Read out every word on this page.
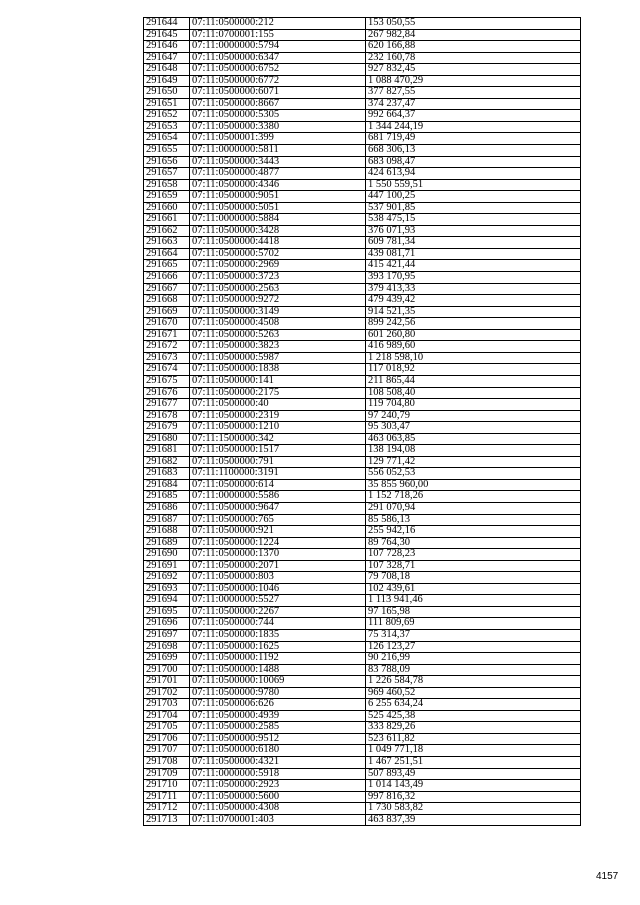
291644	07:11:0500000:212	153 050,55
291645	07:11:0700001:155	267 982,84
291646	07:11:0000000:5794	620 166,88
291647	07:11:0500000:6347	232 160,78
291648	07:11:0500000:6752	927 832,45
291649	07:11:0500000:6772	1 088 470,29
291650	07:11:0500000:6071	377 827,55
291651	07:11:0500000:8667	374 237,47
291652	07:11:0500000:5305	992 664,37
291653	07:11:0500000:3380	1 344 244,19
291654	07:11:0500001:399	681 719,49
291655	07:11:0000000:5811	668 306,13
291656	07:11:0500000:3443	683 098,47
291657	07:11:0500000:4877	424 613,94
291658	07:11:0500000:4346	1 550 559,51
291659	07:11:0500000:9051	447 100,25
291660	07:11:0500000:5051	537 901,85
291661	07:11:0000000:5884	538 475,15
291662	07:11:0500000:3428	376 071,93
291663	07:11:0500000:4418	609 781,34
291664	07:11:0500000:5702	439 081,71
291665	07:11:0500000:2969	415 421,44
291666	07:11:0500000:3723	393 170,95
291667	07:11:0500000:2563	379 413,33
291668	07:11:0500000:9272	479 439,42
291669	07:11:0500000:3149	914 521,35
291670	07:11:0500000:4508	899 242,56
291671	07:11:0500000:5263	601 260,80
291672	07:11:0500000:3823	416 989,60
291673	07:11:0500000:5987	1 218 598,10
291674	07:11:0500000:1838	117 018,92
291675	07:11:0500000:141	211 865,44
291676	07:11:0500000:2175	108 508,40
291677	07:11:0500000:40	119 704,80
291678	07:11:0500000:2319	97 240,79
291679	07:11:0500000:1210	95 303,47
291680	07:11:1500000:342	463 063,85
291681	07:11:0500000:1517	138 194,08
291682	07:11:0500000:791	129 771,42
291683	07:11:1100000:3191	556 052,53
291684	07:11:0500000:614	35 855 960,00
291685	07:11:0000000:5586	1 152 718,26
291686	07:11:0500000:9647	291 070,94
291687	07:11:0500000:765	85 586,13
291688	07:11:0500000:921	255 942,16
291689	07:11:0500000:1224	89 764,30
291690	07:11:0500000:1370	107 728,23
291691	07:11:0500000:2071	107 328,71
291692	07:11:0500000:803	79 708,18
291693	07:11:0500000:1046	102 439,61
291694	07:11:0000000:5527	1 113 941,46
291695	07:11:0500000:2267	97 165,98
291696	07:11:0500000:744	111 809,69
291697	07:11:0500000:1835	75 314,37
291698	07:11:0500000:1625	126 123,27
291699	07:11:0500000:1192	90 216,99
291700	07:11:0500000:1488	83 788,09
291701	07:11:0500000:10069	1 226 584,78
291702	07:11:0500000:9780	969 460,52
291703	07:11:0500006:626	6 255 634,24
291704	07:11:0500000:4939	525 425,38
291705	07:11:0500000:2585	333 829,26
291706	07:11:0500000:9512	523 611,82
291707	07:11:0500000:6180	1 049 771,18
291708	07:11:0500000:4321	1 467 251,51
291709	07:11:0000000:5918	507 893,49
291710	07:11:0500000:2923	1 014 143,49
291711	07:11:0500000:5600	997 816,32
291712	07:11:0500000:4308	1 730 583,82
291713	07:11:0700001:403	463 837,39
4157
